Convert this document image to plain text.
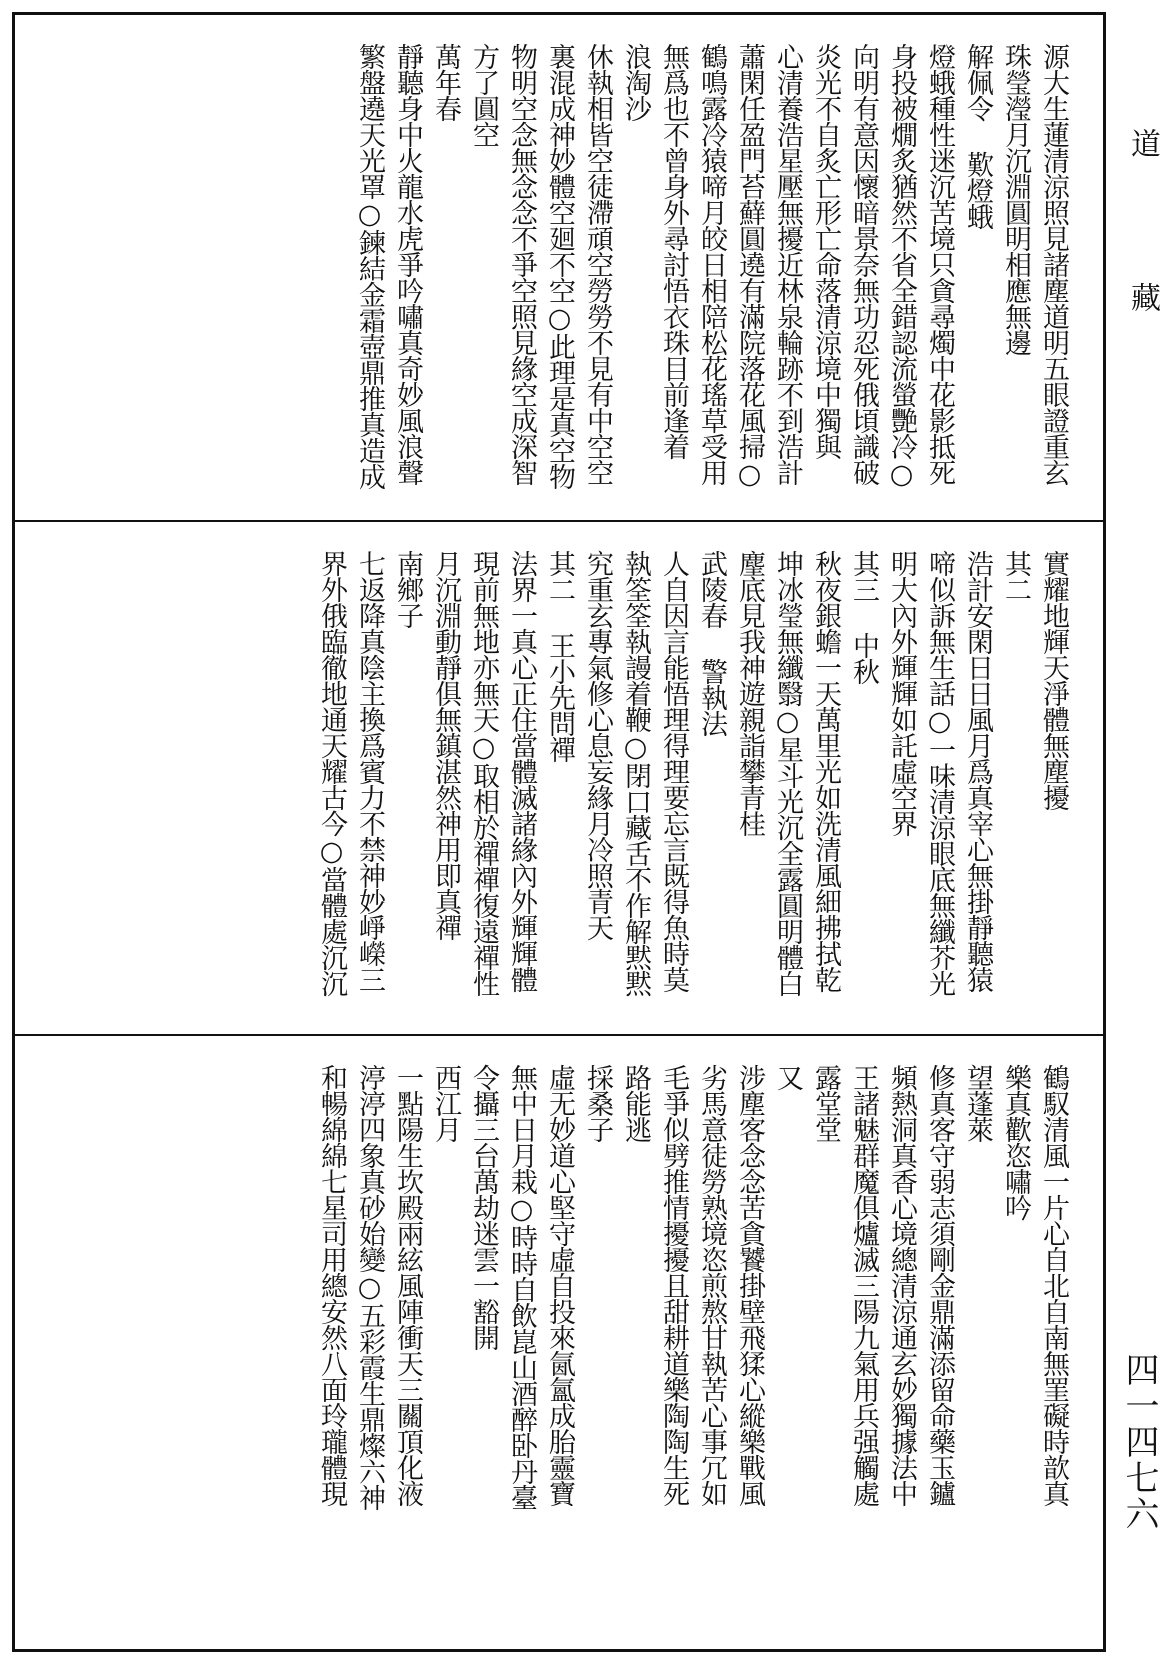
道
藏
四一四七六
源大生蓮清涼照見諸塵道明五眼證重玄
珠瑩瀅月沉淵圓明相應無邊
解佩令 歎燈蛾
燈蛾種性迷沉苦境只貪尋燭中花影抵死
身投被燗炙猶然不省全錯認流螢艷冷○
向明有意因懷暗景奈無功忍死俄頃識破
炎光不自炙亡形亡命落清涼境中獨與
心清養浩星壓無擾近林泉輪跡不到浩計
蕭閑任盈門苔蘚圓遶有滿院落花風掃○
鶴鳴露冷猿啼月皎日相陪松花瑤草受用
無爲也不曾身外尋討悟衣珠目前逢着
浪淘沙
休執相皆空徒滯頑空勞勞不見有中空空
裏混成神妙體空廻不空○此理是真空物
物明空念無念念不爭空照見緣空成深智
方了圓空
萬年春
靜聽身中火龍水虎爭吟嘯真奇妙風浪聲
繁盤遶天光罩○鍊結金霜壺鼎推真造成
實耀地輝天淨體無塵擾
其二
浩計安閑日日風月爲真宰心無掛靜聽猿
啼似訴無生話○一味清涼眼底無纖芥光
明大內外輝輝如託虛空界
其三 中秋
秋夜銀蟾一天萬里光如洗清風細拂拭乾
坤冰瑩無纖翳○星斗光沉全露圓明體白
麈底見我神遊親詣攀青桂
武陵春 警執法
人自因言能悟理得理要忘言既得魚時莫
執筌筌執謾着鞭○閉口藏舌不作解黙黙
究重玄專氣修心息妄緣月冷照青天
其二 王小先問禪
法界一真心正住當體滅諸緣內外輝輝體
現前無地亦無天○取相於禪禪復遠禪性
月沉淵動靜俱無鎮湛然神用即真禪
南鄉子
七返降真陰主換爲賓力不禁神妙崢嶸三
界外俄臨徹地通天耀古今○當體處沉沉
鶴馭清風一片心自北自南無罣礙時歆真
樂真歡恣嘯吟
望蓬萊
修真客守弱志須剛金鼎滿添留命藥玉鑪
頻熱洞真香心境總清涼通玄妙獨據法中
王諸魅群魔俱爐滅三陽九氣用兵强觸處
露堂堂
又
涉塵客念念苦貪饕掛壁飛猱心縱樂戰風
劣馬意徒勞熟境恣煎熬甘執苦心事冗如
毛爭似劈推情擾擾且甜耕道樂陶陶生死
路能逃
採桑子
虛无妙道心堅守虛自投來氤氳成胎靈寶
無中日月栽○時時自飲崑山酒醉卧丹臺
令攝三台萬劫迷雲一豁開
西江月
一點陽生坎殿兩絃風陣衝天三關頂化液
渟渟四象真砂始變○五彩霞生鼎燦六神
和暢綿綿七星司用總安然八面玲瓏體現
